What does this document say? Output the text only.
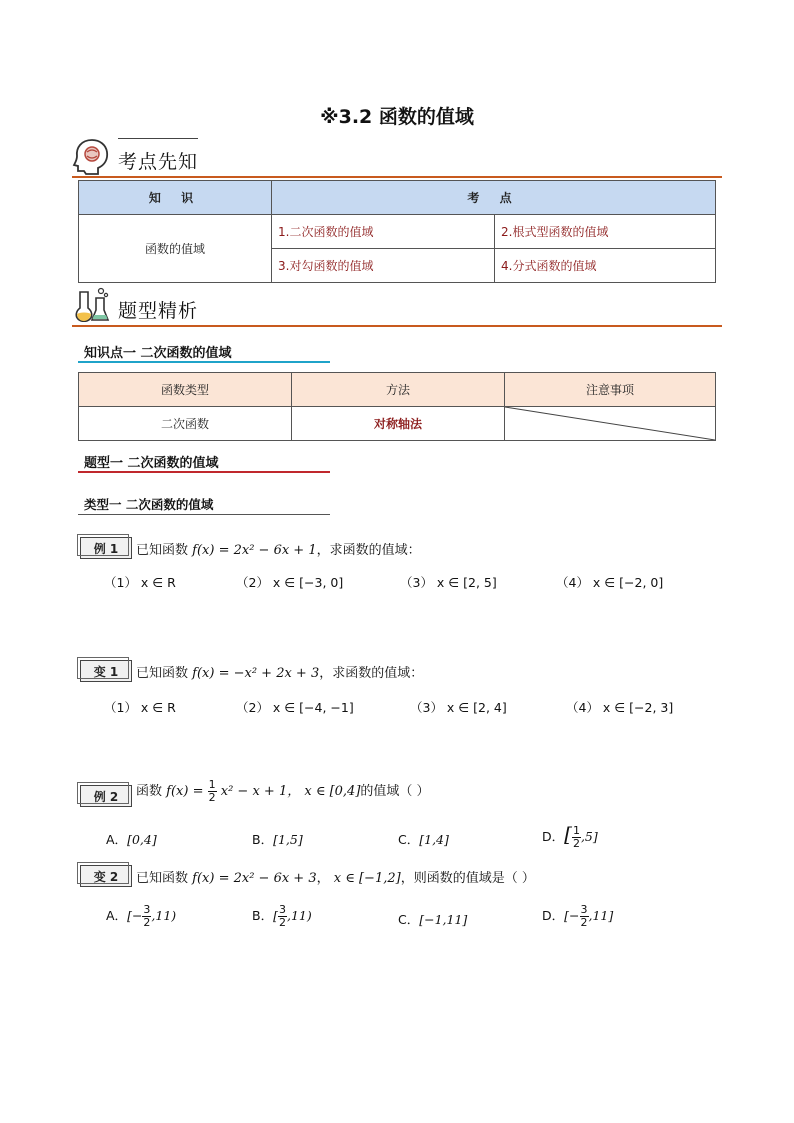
※3.2 函数的值域
考点先知
知 识	考 点	
函数的值域	1.二次函数的值域	2.根式型函数的值域
	3.对勾函数的值域	4.分式函数的值域
题型精析
知识点一 二次函数的值域
函数类型	方法	注意事项
二次函数	对称轴法	
题型一 二次函数的值域
类型一 二次函数的值域
例 1	已知函数 f(x) = 2x² − 6x + 1，求函数的值域：
（1） x ∈ R	（2） x ∈ [−3, 0]	（3） x ∈ [2, 5]	（4） x ∈ [−2, 0]
变 1	已知函数 f(x) = −x² + 2x + 3，求函数的值域：
（1） x ∈ R	（2） x ∈ [−4, −1]	（3） x ∈ [2, 4]	（4） x ∈ [−2, 3]
例 2	函数 $f(x) = \frac{1}{2} x^2 - x + 1$， x ∈ [0,4]的值域（ ）
A．[0,4]	B．[1,5]	C．[1,4]	D．[ $\frac{1}{2} ,5$]
变 2	已知函数 f(x) = 2x² − 6x + 3， x ∈ [−1,2]，则函数的值域是（ ）
A．[− $\frac{3}{2} ,11$)	B．[ $\frac{3}{2} ,11$)	C．[−1,11]	D．[− $\frac{3}{2} ,11$]
